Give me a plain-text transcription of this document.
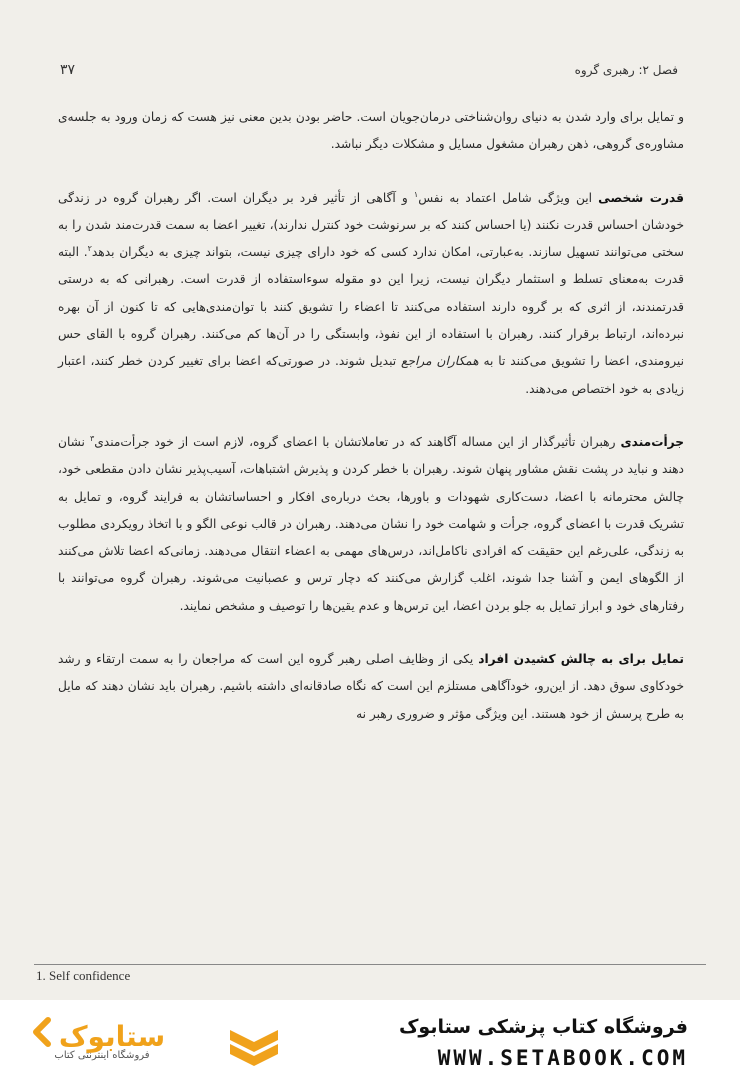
فصل ۲: رهبری گروه
۳۷

و تمایل برای وارد شدن به دنیای روان‌شناختی درمان‌جویان است. حاضر بودن بدین معنی نیز هست که زمان ورود به جلسه‌ی مشاوره‌ی گروهی، ذهن رهبران مشغول مسایل و مشکلات دیگر نباشد.

قدرت شخصی این ویژگی شامل اعتماد به نفس$^۱$ و آگاهی از تأثیر فرد بر دیگران است. اگر رهبران گروه در زندگی خودشان احساس قدرت نکنند (یا احساس کنند که بر سرنوشت خود کنترل ندارند)، تغییر اعضا به سمت قدرت‌مند شدن را به سختی می‌توانند تسهیل سازند. به‌عبارتی، امکان ندارد کسی که خود دارای چیزی نیست، بتواند چیزی به دیگران بدهد$^۲$. البته قدرت به‌معنای تسلط و استثمار دیگران نیست، زیرا این دو مقوله سوءاستفاده از قدرت است. رهبرانی که به درستی قدرتمندند، از اثری که بر گروه دارند استفاده می‌کنند تا اعضاء را تشویق کنند با توان‌مندی‌هایی که تا کنون از آن بهره نبرده‌اند، ارتباط برقرار کنند. رهبران با استفاده از این نفوذ، وابستگی را در آن‌ها کم می‌کنند. رهبران گروه با القای حس نیرومندی، اعضا را تشویق می‌کنند تا به همکاران مراجع تبدیل شوند. در صورتی‌که اعضا برای تغییر کردن خطر کنند، اعتبار زیادی به خود اختصاص می‌دهند.

جرأت‌مندی رهبران تأثیرگذار از این مساله آگاهند که در تعاملاتشان با اعضای گروه، لازم است از خود جرأت‌مندی$^۳$ نشان دهند و نباید در پشت نقش مشاور پنهان شوند. رهبران با خطر کردن و پذیرش اشتباهات، آسیب‌پذیر نشان دادن مقطعی خود، چالش محترمانه با اعضا، دست‌کاری شهودات و باورها، بحث درباره‌ی افکار و احساساتشان به فرایند گروه، و تمایل به تشریک قدرت با اعضای گروه، جرأت و شهامت خود را نشان می‌دهند. رهبران در قالب نوعی الگو و با اتخاذ رویکردی مطلوب به زندگی، علی‌رغم این حقیقت که افرادی ناکامل‌اند، درس‌های مهمی به اعضاء انتقال می‌دهند. زمانی‌که اعضا تلاش می‌کنند از الگوهای ایمن و آشنا جدا شوند، اغلب گزارش می‌کنند که دچار ترس و عصبانیت می‌شوند. رهبران گروه می‌توانند با رفتارهای خود و ابراز تمایل به جلو بردن اعضا، این ترس‌ها و عدم یقین‌ها را توصیف و مشخص نمایند.

تمایل برای به چالش کشیدن افراد یکی از وظایف اصلی رهبر گروه این است که مراجعان را به سمت ارتقاء و رشد خودکاوی سوق دهد. از این‌رو، خودآگاهی مستلزم این است که نگاه صادقانه‌ای داشته باشیم. رهبران باید نشان دهند که مایل به طرح پرسش از خود هستند. این ویژگی مؤثر و ضروری رهبر نه

1. Self confidence
ستابوک
فروشگاه اینترنتی کتاب
فروشگاه کتاب پزشکی ستابوک
WWW.SETABOOK.COM
